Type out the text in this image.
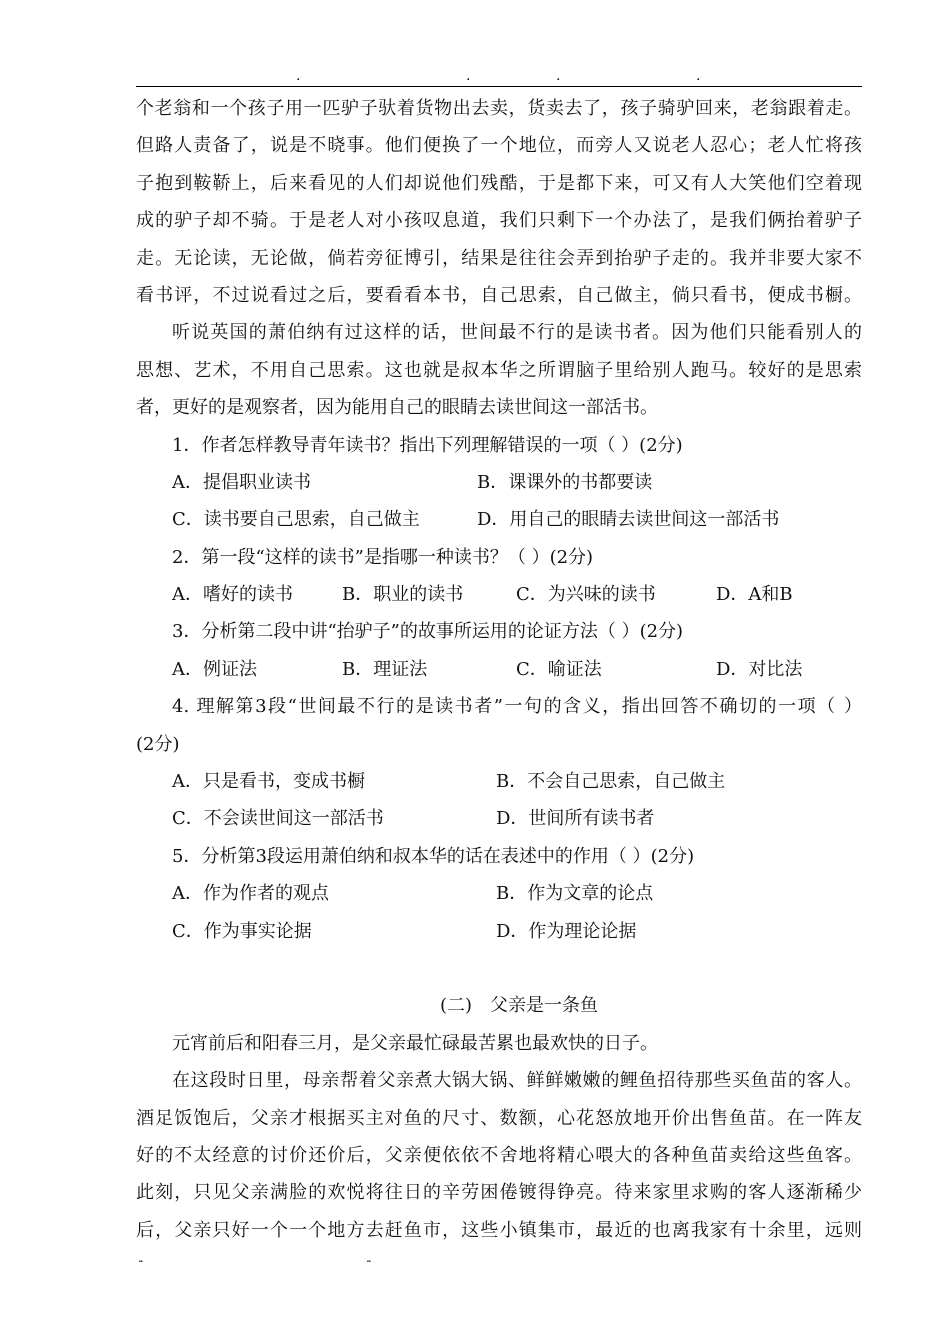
.	.	.	.
个老翁和一个孩子用一匹驴子驮着货物出去卖，货卖去了，孩子骑驴回来，老翁跟着走。
但路人责备了，说是不晓事。他们便换了一个地位，而旁人又说老人忍心；老人忙将孩
子抱到鞍鞒上，后来看见的人们却说他们残酷，于是都下来，可又有人大笑他们空着现
成的驴子却不骑。于是老人对小孩叹息道，我们只剩下一个办法了，是我们俩抬着驴子
走。无论读，无论做，倘若旁征博引，结果是往往会弄到抬驴子走的。我并非要大家不
看书评，不过说看过之后，要看看本书，自己思索，自己做主，倘只看书，便成书橱。
听说英国的萧伯纳有过这样的话，世间最不行的是读书者。因为他们只能看别人的
思想、艺术，不用自己思索。这也就是叔本华之所谓脑子里给别人跑马。较好的是思索
者，更好的是观察者，因为能用自己的眼睛去读世间这一部活书。
1．作者怎样教导青年读书？指出下列理解错误的一项（ ）(2分)
A．提倡职业读书	B．课课外的书都要读
C．读书要自己思索，自己做主	D．用自己的眼睛去读世间这一部活书
2．第一段“这样的读书”是指哪一种读书？（ ）(2分)
A．嗜好的读书	B．职业的读书	C．为兴味的读书	D．A和B
3．分析第二段中讲“抬驴子”的故事所运用的论证方法（ ）(2分)
A．例证法	B．理证法	C．喻证法	D．对比法
4. 理解第3段“世间最不行的是读书者”一句的含义，指出回答不确切的一项（ ）
(2分)
A．只是看书，变成书橱	B．不会自己思索，自己做主
C．不会读世间这一部活书	D．世间所有读书者
5．分析第3段运用萧伯纳和叔本华的话在表述中的作用（ ）(2分)
A．作为作者的观点	B．作为文章的论点
C．作为事实论据	D．作为理论论据
(二)　父亲是一条鱼
元宵前后和阳春三月，是父亲最忙碌最苦累也最欢快的日子。
在这段时日里，母亲帮着父亲煮大锅大锅、鲜鲜嫩嫩的鲤鱼招待那些买鱼苗的客人。
酒足饭饱后，父亲才根据买主对鱼的尺寸、数额，心花怒放地开价出售鱼苗。在一阵友
好的不太经意的讨价还价后，父亲便依依不舍地将精心喂大的各种鱼苗卖给这些鱼客。
此刻，只见父亲满脸的欢悦将往日的辛劳困倦镀得铮亮。待来家里求购的客人逐渐稀少
后，父亲只好一个一个地方去赶鱼市，这些小镇集市，最近的也离我家有十余里，远则
..	..
